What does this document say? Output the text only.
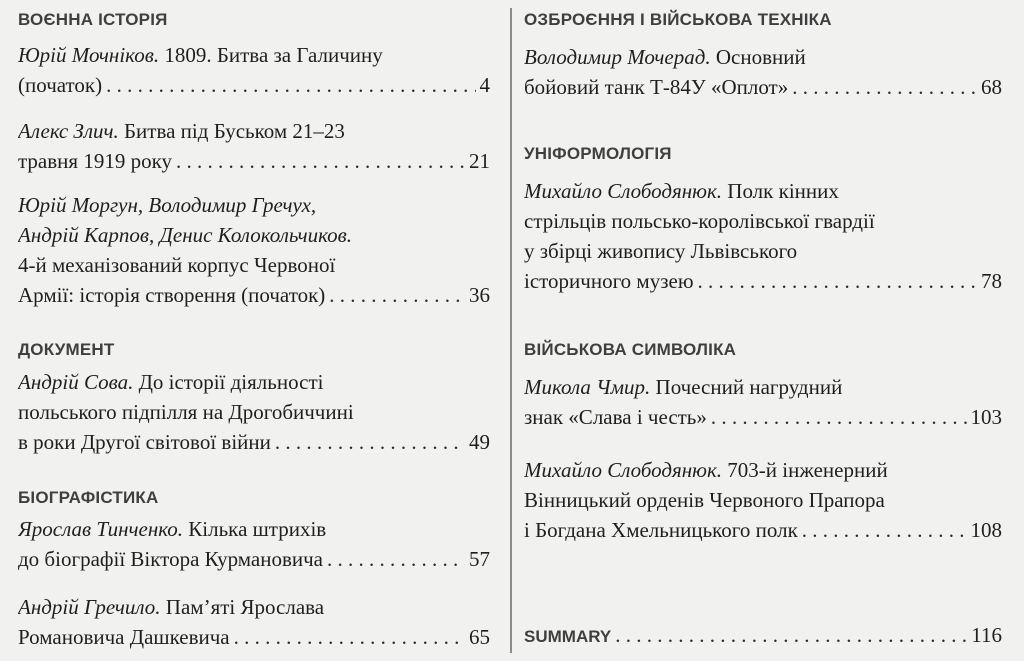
ВОЄННА ІСТОРІЯ
Юрій Мочніков. 1809. Битва за Галичину
(початок) . . .	4
Алекс Злич. Битва під Буськом 21–23
травня 1919 року . . .	21
Юрій Моргун, Володимир Гречух,
Андрій Карпов, Денис Колокольчиков.
4-й механізований корпус Червоної
Армії: історія створення (початок) . . .	36
ДОКУМЕНТ
Андрій Сова. До історії діяльності
польського підпілля на Дрогобиччині
в роки Другої світової війни . . .	49
БІОГРАФІСТИКА
Ярослав Тинченко. Кілька штрихів
до біографії Віктора Курмановича . . .	57
Андрій Гречило. Пам’яті Ярослава
Романовича Дашкевича . . .	65
ОЗБРОЄННЯ І ВІЙСЬКОВА ТЕХНІКА
Володимир Мочерад. Основний
бойовий танк Т-84У «Оплот» . . .	68
УНІФОРМОЛОГІЯ
Михайло Слободянюк. Полк кінних
стрільців польсько-королівської гвардії
у збірці живопису Львівського
історичного музею . . .	78
ВІЙСЬКОВА СИМВОЛІКА
Микола Чмир. Почесний нагрудний
знак «Слава і честь» . . .	103
Михайло Слободянюк. 703-й інженерний
Вінницький орденів Червоного Прапора
і Богдана Хмельницького полк . . .	108
SUMMARY . . .	116
